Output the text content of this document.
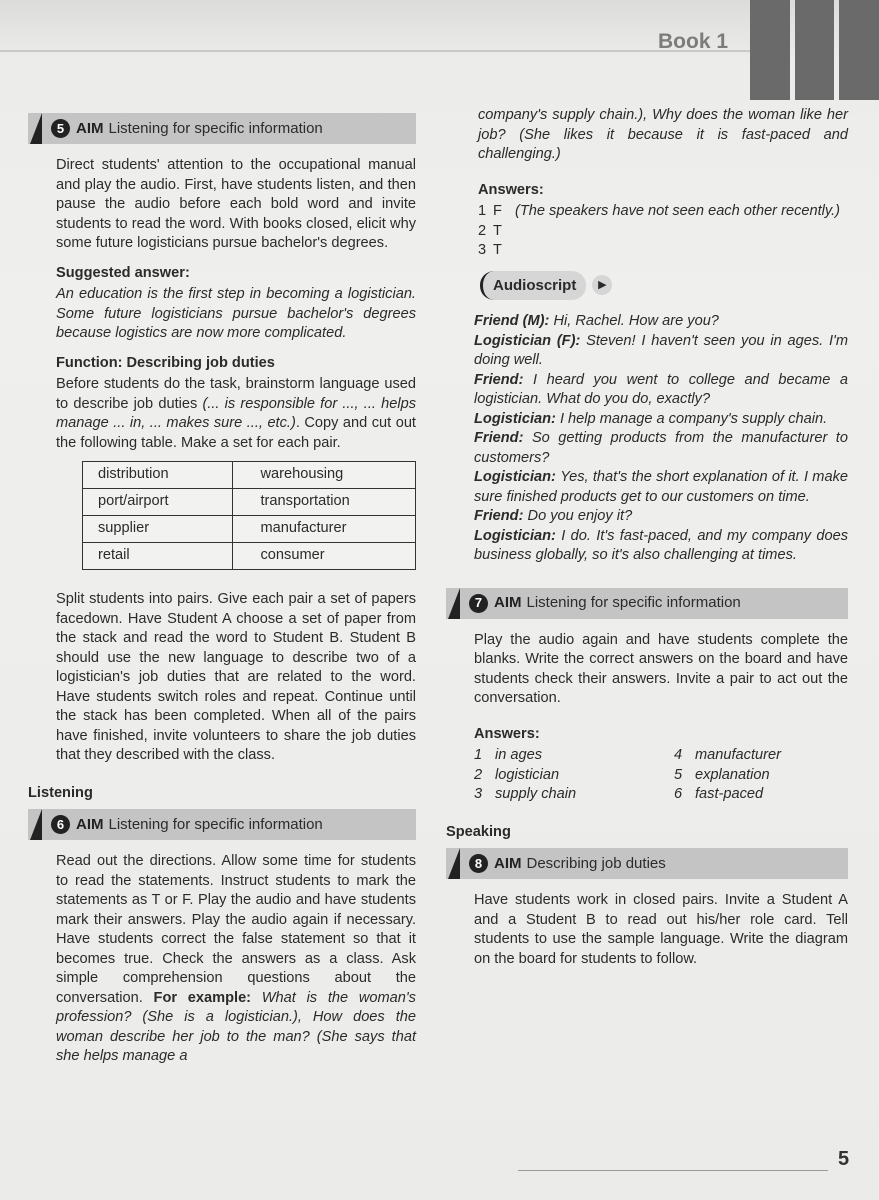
Book 1
5 AIM Listening for specific information

Direct students' attention to the occupational manual and play the audio. First, have students listen, and then pause the audio before each bold word and invite students to read the word. With books closed, elicit why some future logisticians pursue bachelor's degrees.

Suggested answer:

An education is the first step in becoming a logistician. Some future logisticians pursue bachelor's degrees because logistics are now more complicated.

Function: Describing job duties

Before students do the task, brainstorm language used to describe job duties (... is responsible for ..., ... helps manage ... in, ... makes sure ..., etc.). Copy and cut out the following table. Make a set for each pair.

distribution	warehousing
port/airport	transportation
supplier	manufacturer
retail	consumer

Split students into pairs. Give each pair a set of papers facedown. Have Student A choose a set of paper from the stack and read the word to Student B. Student B should use the new language to describe two of a logistician's job duties that are related to the word. Have students switch roles and repeat. Continue until the stack has been completed. When all of the pairs have finished, invite volunteers to share the job duties that they described with the class.

Listening

6 AIM Listening for specific information

Read out the directions. Allow some time for students to read the statements. Instruct students to mark the statements as T or F. Play the audio and have students mark their answers. Play the audio again if necessary. Have students correct the false statement so that it becomes true. Check the answers as a class. Ask simple comprehension questions about the conversation. For example: What is the woman's profession? (She is a logistician.), How does the woman describe her job to the man? (She says that she helps manage a

company's supply chain.), Why does the woman like her job? (She likes it because it is fast-paced and challenging.)

Answers:

1 F (The speakers have not seen each other recently.)
2 T
3 T
Audioscript	▶

Friend (M): Hi, Rachel. How are you?

Logistician (F): Steven! I haven't seen you in ages. I'm doing well.

Friend: I heard you went to college and became a logistician. What do you do, exactly?

Logistician: I help manage a company's supply chain.

Friend: So getting products from the manufacturer to customers?

Logistician: Yes, that's the short explanation of it. I make sure finished products get to our customers on time.

Friend: Do you enjoy it?

Logistician: I do. It's fast-paced, and my company does business globally, so it's also challenging at times.

7 AIM Listening for specific information

Play the audio again and have students complete the blanks. Write the correct answers on the board and have students check their answers. Invite a pair to act out the conversation.

Answers:

1 in ages
2 logistician
3 supply chain
4 manufacturer
5 explanation
6 fast-paced

Speaking

8 AIM Describing job duties

Have students work in closed pairs. Invite a Student A and a Student B to read out his/her role card. Tell students to use the sample language. Write the diagram on the board for students to follow.

5
